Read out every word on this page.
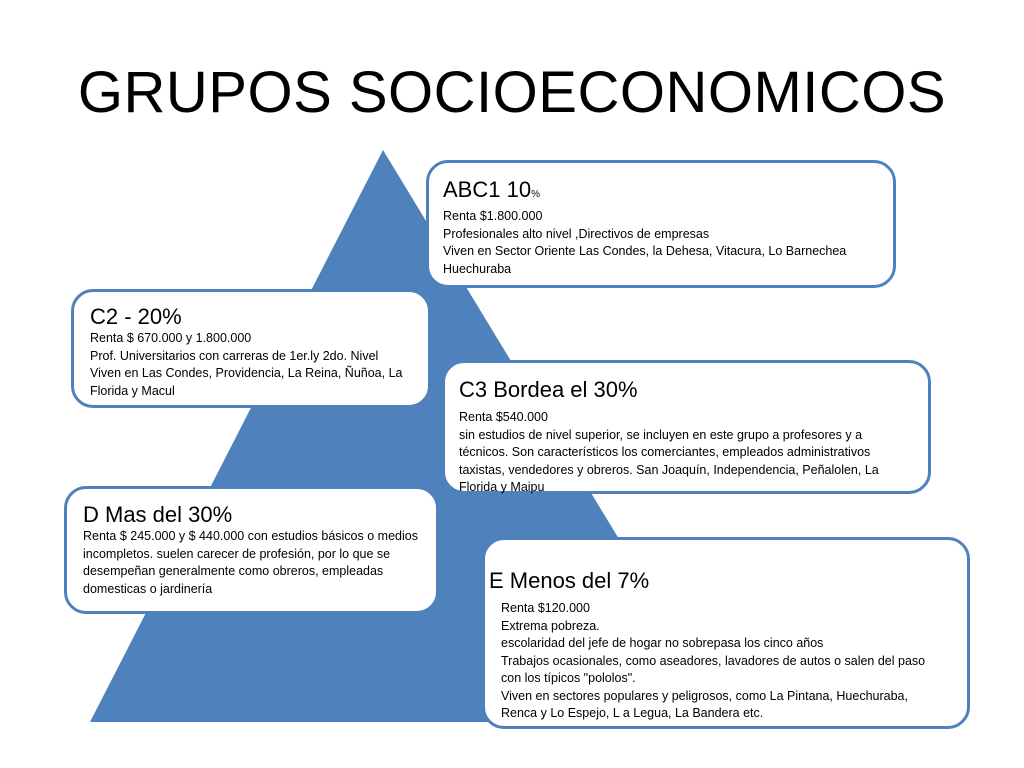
GRUPOS SOCIOECONOMICOS
ABC1 10%
Renta $1.800.000
Profesionales alto nivel ,Directivos de empresas
Viven en Sector Oriente Las Condes, la Dehesa, Vitacura, Lo Barnechea
Huechuraba
C2 - 20%
Renta $ 670.000 y 1.800.000
Prof. Universitarios con carreras de 1er.ly 2do. Nivel
Viven en Las Condes, Providencia, La Reina, Ñuñoa, La
Florida y Macul	C3 Bordea el 30%
Renta $540.000
sin estudios de nivel superior, se incluyen en este grupo a profesores y a
técnicos. Son característicos los comerciantes, empleados administrativos
taxistas, vendedores y obreros. San Joaquín, Independencia, Peñalolen, La
Florida y Maipu
D Mas del 30%
Renta $ 245.000 y $ 440.000 con estudios básicos o medios
incompletos. suelen carecer de profesión, por lo que se
desempeñan generalmente como obreros, empleadas
domesticas o jardinería	E Menos del 7%
Renta $120.000
Extrema pobreza.
escolaridad del jefe de hogar no sobrepasa los cinco años
Trabajos ocasionales, como aseadores, lavadores de autos o salen del paso
con los típicos "pololos".
Viven en sectores populares y peligrosos, como La Pintana, Huechuraba,
Renca y Lo Espejo, L a Legua, La Bandera etc.
